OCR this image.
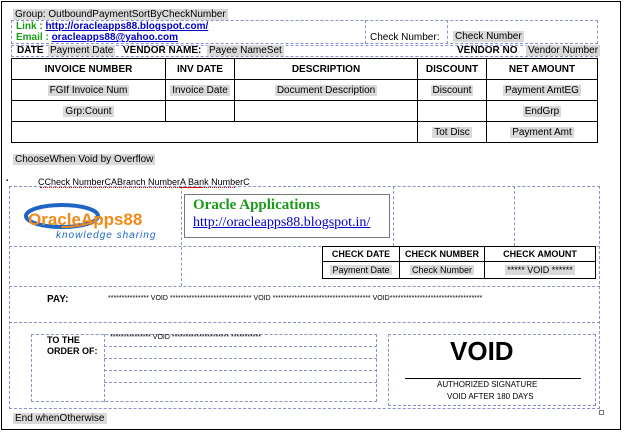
Group: OutboundPaymentSortByCheckNumber
Link : http://oracleapps88.blogspot.com/
Email : oracleapps88@yahoo.com	Check Number: Check Number
DATE Payment Date VENDOR NAME: Payee NameSet	VENDOR NO Vendor Number
INVOICE NUMBER	INV DATE	DESCRIPTION	DISCOUNT	NET AMOUNT
FGIf Invoice Num	Invoice Date	Document Description	Discount	Payment AmtEG
Grp:Count				EndGrp
			Tot Disc	Payment Amt
ChooseWhen Void by Overflow
▪	CCheck NumberCABranch NumberA Bank NumberC
OracleApps88
knowledge sharing
Oracle Applications
http://oracleapps88.blogspot.in/
CHECK DATE	CHECK NUMBER	CHECK AMOUNT
Payment Date	Check Number	***** VOID ******
PAY:	*************** VOID ****************************** VOID ************************************ VOID**********************************
TO THE
ORDER OF:
*************** VOID ********************* ***********	VOID
AUTHORIZED SIGNATURE
VOID AFTER 180 DAYS
End whenOtherwise
